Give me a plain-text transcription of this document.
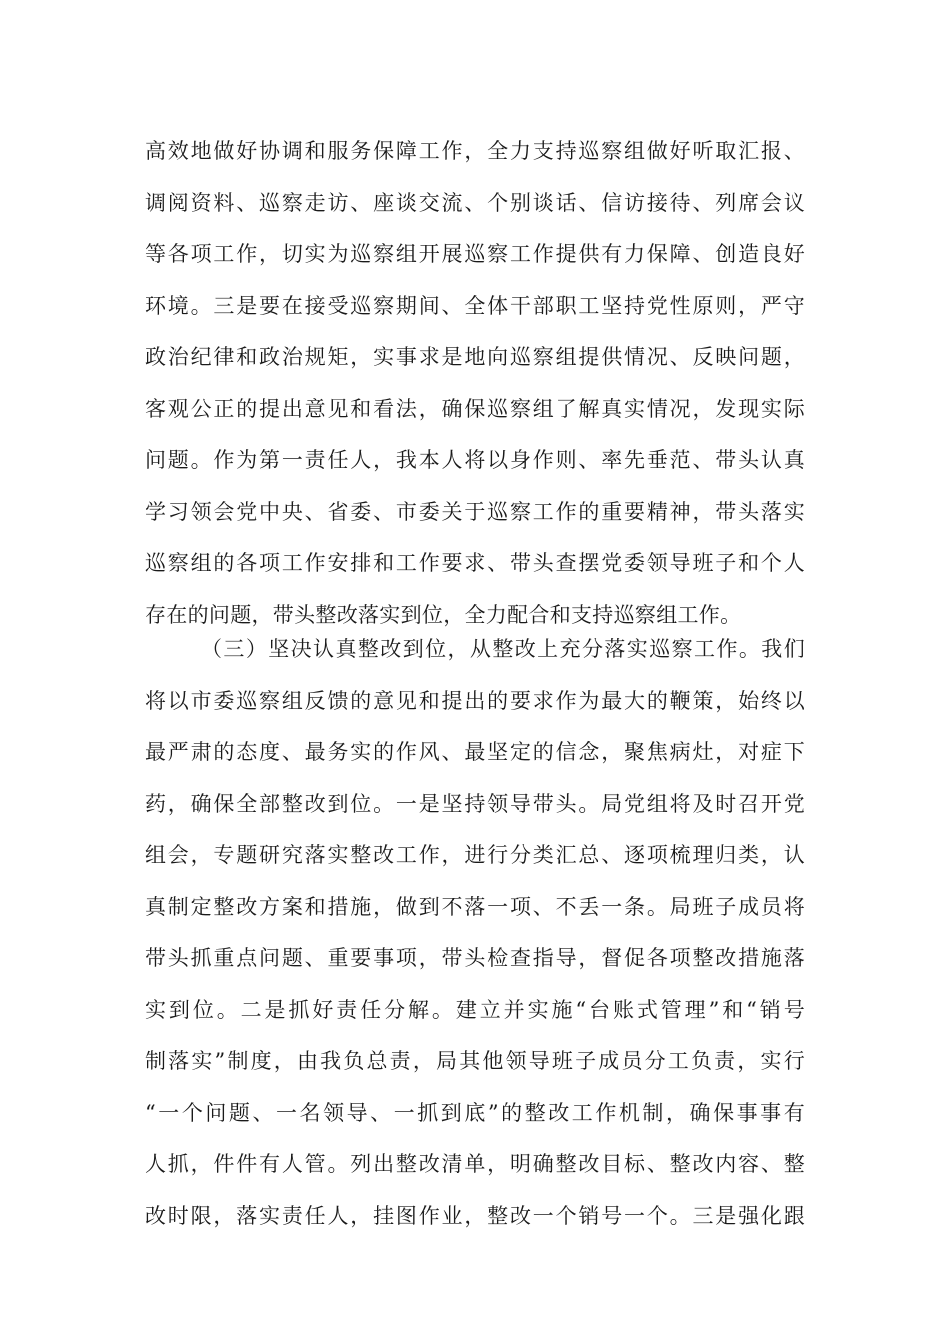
高效地做好协调和服务保障工作，全力支持巡察组做好听取汇报、
调阅资料、巡察走访、座谈交流、个别谈话、信访接待、列席会议
等各项工作，切实为巡察组开展巡察工作提供有力保障、创造良好
环境。三是要在接受巡察期间、全体干部职工坚持党性原则，严守
政治纪律和政治规矩，实事求是地向巡察组提供情况、反映问题，
客观公正的提出意见和看法，确保巡察组了解真实情况，发现实际
问题。作为第一责任人，我本人将以身作则、率先垂范、带头认真
学习领会党中央、省委、市委关于巡察工作的重要精神，带头落实
巡察组的各项工作安排和工作要求、带头查摆党委领导班子和个人
存在的问题，带头整改落实到位，全力配合和支持巡察组工作。
（三）坚决认真整改到位，从整改上充分落实巡察工作。我们
将以市委巡察组反馈的意见和提出的要求作为最大的鞭策，始终以
最严肃的态度、最务实的作风、最坚定的信念，聚焦病灶，对症下
药，确保全部整改到位。一是坚持领导带头。局党组将及时召开党
组会，专题研究落实整改工作，进行分类汇总、逐项梳理归类，认
真制定整改方案和措施，做到不落一项、不丢一条。局班子成员将
带头抓重点问题、重要事项，带头检查指导，督促各项整改措施落
实到位。二是抓好责任分解。建立并实施“台账式管理”和“销号
制落实”制度，由我负总责，局其他领导班子成员分工负责，实行
“一个问题、一名领导、一抓到底”的整改工作机制，确保事事有
人抓，件件有人管。列出整改清单，明确整改目标、整改内容、整
改时限，落实责任人，挂图作业，整改一个销号一个。三是强化跟
